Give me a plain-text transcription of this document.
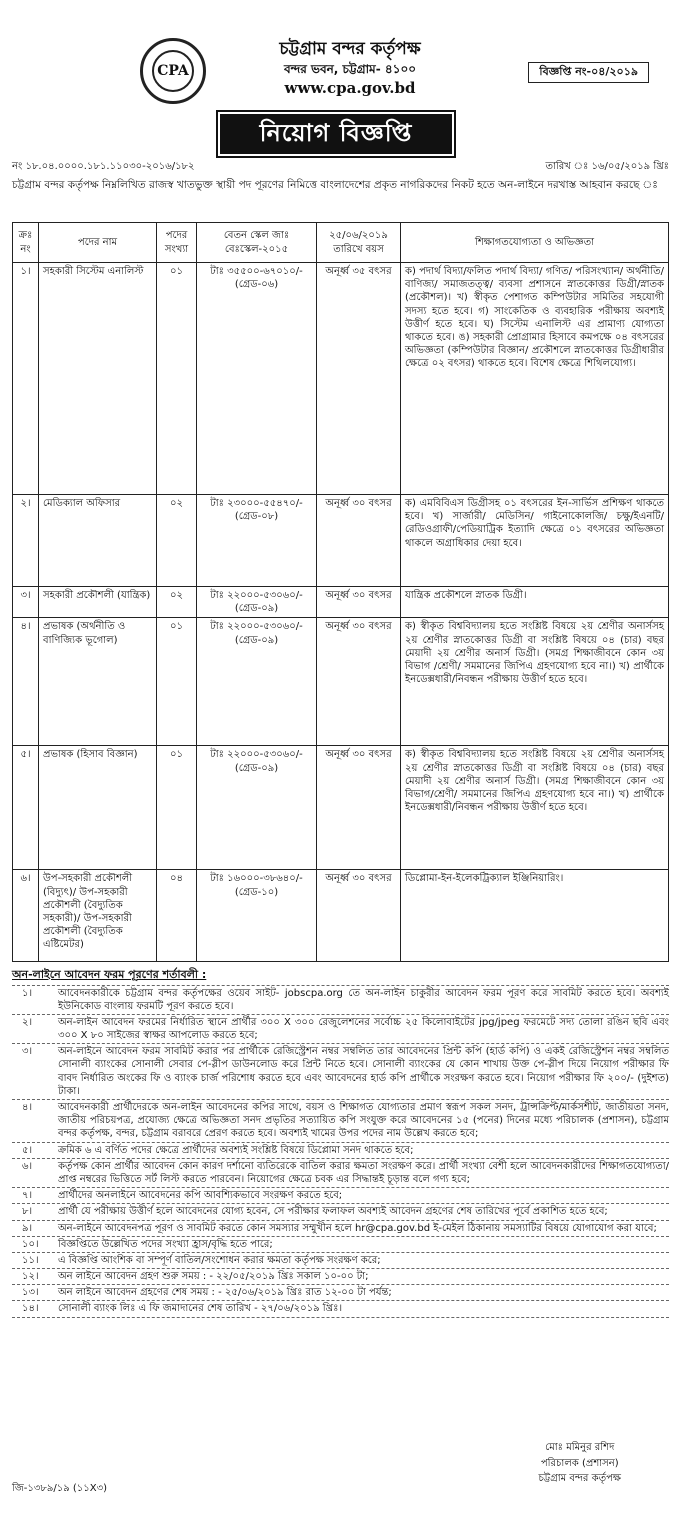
CPA
চট্টগ্রাম বন্দর কর্তৃপক্ষ
বন্দর ভবন, চট্টগ্রাম- ৪১০০
www.cpa.gov.bd
বিজ্ঞপ্তি নং-০৪/২০১৯
নিয়োগ বিজ্ঞপ্তি
নং ১৮.০৪.০০০০.১৮১.১১০৩০-২০১৬/১৮২	তারিখ ঃ ১৬/০৫/২০১৯ খ্রিঃ
চট্টগ্রাম বন্দর কর্তৃপক্ষ নিম্নলিখিত রাজস্ব খাতভুক্ত স্থায়ী পদ পূরণের নিমিত্তে বাংলাদেশের প্রকৃত নাগরিকদের নিকট হতে অন-লাইনে দরখাস্ত আহবান করছে ঃ
ক্রঃ নং	পদের নাম	পদের সংখ্যা	বেতন স্কেল জাঃ বেঃস্কেল-২০১৫	২৫/০৬/২০১৯ তারিখে বয়স	শিক্ষাগতযোগ্যতা ও অভিজ্ঞতা
১।	সহকারী সিস্টেম এনালিস্ট	০১	টাঃ ৩৫৫০০-৬৭০১০/- (গ্রেড-০৬)	অনূর্ধ্ব ৩৫ বৎসর	ক) পদার্থ বিদ্যা/ফলিত পদার্থ বিদ্যা/ গণিত/ পরিসংখ্যান/ অর্থনীতি/ বাণিজ্য/ সমাজতত্ত্ব/ ব্যবসা প্রশাসনে স্নাতকোত্তর ডিগ্রী/স্নাতক (প্রকৌশল)। খ) স্বীকৃত পেশাগত কম্পিউটার সমিতির সহযোগী সদস্য হতে হবে। গ) সাংকেতিক ও ব্যবহারিক পরীক্ষায় অবশ্যই উত্তীর্ণ হতে হবে। ঘ) সিস্টেম এনালিস্ট এর প্রামাণ্য যোগ্যতা থাকতে হবে। ঙ) সহকারী প্রোগ্রামার হিসাবে কমপক্ষে ০৪ বৎসরের অভিজ্ঞতা (কম্পিউটার বিজ্ঞান/ প্রকৌশলে স্নাতকোত্তর ডিগ্রীধারীর ক্ষেত্রে ০২ বৎসর) থাকতে হবে। বিশেষ ক্ষেত্রে শিথিলযোগ্য।
২।	মেডিক্যাল অফিসার	০২	টাঃ ২৩০০০-৫৫৪৭০/- (গ্রেড-০৮)	অনূর্ধ্ব ৩০ বৎসর	ক) এমবিবিএস ডিগ্রীসহ ০১ বৎসরের ইন-সার্ভিস প্রশিক্ষণ থাকতে হবে। খ) সার্জারী/ মেডিসিন/ গাইনোকোলজি/ চক্ষু/ইএনটি/ রেডিওগ্রাফী/পেডিয়াট্রিক ইত্যাদি ক্ষেত্রে ০১ বৎসরের অভিজ্ঞতা থাকলে অগ্রাধিকার দেয়া হবে।
৩।	সহকারী প্রকৌশলী (যান্ত্রিক)	০২	টাঃ ২২০০০-৫৩০৬০/- (গ্রেড-০৯)	অনূর্ধ্ব ৩০ বৎসর	যান্ত্রিক প্রকৌশলে স্নাতক ডিগ্রী।
৪।	প্রভাষক (অর্থনীতি ও বাণিজ্যিক ভূগোল)	০১	টাঃ ২২০০০-৫৩০৬০/- (গ্রেড-০৯)	অনূর্ধ্ব ৩০ বৎসর	ক) স্বীকৃত বিশ্ববিদ্যালয় হতে সংশ্লিষ্ট বিষয়ে ২য় শ্রেণীর অনার্সসহ ২য় শ্রেণীর স্নাতকোত্তর ডিগ্রী বা সংশ্লিষ্ট বিষয়ে ০৪ (চার) বছর মেয়াদী ২য় শ্রেণীর অনার্স ডিগ্রী। (সমগ্র শিক্ষাজীবনে কোন ৩য় বিভাগ /শ্রেণী/ সমমানের জিপিএ গ্রহণযোগ্য হবে না।) খ) প্রার্থীকে ইনডেক্সধারী/নিবন্ধন পরীক্ষায় উত্তীর্ণ হতে হবে।
৫।	প্রভাষক (হিসাব বিজ্ঞান)	০১	টাঃ ২২০০০-৫৩০৬০/- (গ্রেড-০৯)	অনূর্ধ্ব ৩০ বৎসর	ক) স্বীকৃত বিশ্ববিদ্যালয় হতে সংশ্লিষ্ট বিষয়ে ২য় শ্রেণীর অনার্সসহ ২য় শ্রেণীর স্নাতকোত্তর ডিগ্রী বা সংশ্লিষ্ট বিষয়ে ০৪ (চার) বছর মেয়াদী ২য় শ্রেণীর অনার্স ডিগ্রী। (সমগ্র শিক্ষাজীবনে কোন ৩য় বিভাগ/শ্রেণী/ সমমানের জিপিএ গ্রহণযোগ্য হবে না।) খ) প্রার্থীকে ইনডেক্সধারী/নিবন্ধন পরীক্ষায় উত্তীর্ণ হতে হবে।
৬।	উপ-সহকারী প্রকৌশলী (বিদ্যুৎ)/ উপ-সহকারী প্রকৌশলী (বৈদ্যুতিক সহকারী)/ উপ-সহকারী প্রকৌশলী (বৈদ্যুতিক এষ্টিমেটর)	০৪	টাঃ ১৬০০০-৩৮৬৪০/- (গ্রেড-১০)	অনূর্ধ্ব ৩০ বৎসর	ডিপ্লোমা-ইন-ইলেকট্রিক্যাল ইঞ্জিনিয়ারিং।
অন-লাইনে আবেদন ফরম পূরণের শর্তাবলী :
১।	আবেদনকারীকে চট্টগ্রাম বন্দর কর্তৃপক্ষের ওয়েব সাইট- jobscpa.org তে অন-লাইন চাকুরীর আবেদন ফরম পূরণ করে সাবমিট করতে হবে। অবশ্যই ইউনিকোড বাংলায় ফরমটি পূরণ করতে হবে।
২।	অন-লাইন আবেদন ফরমের নির্ধারিত স্থানে প্রার্থীর ৩০০ X ৩০০ রেজুলেশনের সর্বোচ্চ ২৫ কিলোবাইটের jpg/jpeg ফরমেটে সদ্য তোলা রঙিন ছবি এবং ৩০০ X ৮০ সাইজের স্বাক্ষর আপলোড করতে হবে;
৩।	অন-লাইনে আবেদন ফরম সাবমিট করার পর প্রার্থীকে রেজিস্ট্রেশন নম্বর সম্বলিত তার আবেদনের প্রিন্ট কপি (হার্ড কপি) ও একই রেজিস্ট্রেশন নম্বর সম্বলিত সোনালী ব্যাংকের সোনালী সেবার পে-স্লীপ ডাউনলোড করে প্রিন্ট নিতে হবে। সোনালী ব্যাংকের যে কোন শাখায় উক্ত পে-স্লীপ দিয়ে নিয়োগ পরীক্ষার ফি বাবদ নির্ধারিত অংকের ফি ও ব্যাংক চার্জ পরিশোধ করতে হবে এবং আবেদনের হার্ড কপি প্রার্থীকে সংরক্ষণ করতে হবে। নিয়োগ পরীক্ষার ফি ২০০/- (দুইশত) টাকা।
৪।	আবেদনকারী প্রার্থীদেরকে অন-লাইন আবেদনের কপির সাথে, বয়স ও শিক্ষাগত যোগ্যতার প্রমাণ স্বরূপ সকল সনদ, ট্রান্সক্রিপ্ট/মার্কসশীট, জাতীয়তা সনদ, জাতীয় পরিচয়পত্র, প্রযোজ্য ক্ষেত্রে অভিজ্ঞতা সনদ প্রভৃতির সত্যায়িত কপি সংযুক্ত করে আবেদনের ১৫ (পনের) দিনের মধ্যে পরিচালক (প্রশাসন), চট্টগ্রাম বন্দর কর্তৃপক্ষ, বন্দর, চট্টগ্রাম বরাবরে প্রেরণ করতে হবে। অবশ্যই খামের উপর পদের নাম উল্লেখ করতে হবে;
৫।	ক্রমিক ৬ এ বর্ণিত পদের ক্ষেত্রে প্রার্থীদের অবশ্যই সংশ্লিষ্ট বিষয়ে ডিপ্লোমা সনদ থাকতে হবে;
৬।	কর্তৃপক্ষ কোন প্রার্থীর আবেদন কোন কারণ দর্শানো ব্যতিরেকে বাতিল করার ক্ষমতা সংরক্ষণ করে। প্রার্থী সংখ্যা বেশী হলে আবেদনকারীদের শিক্ষাগতযোগ্যতা/প্রাপ্ত নম্বরের ভিত্তিতে সর্ট লিস্ট করতে পারবেন। নিয়োগের ক্ষেত্রে চবক এর সিদ্ধান্তই চূড়ান্ত বলে গণ্য হবে;
৭।	প্রার্থীদের অনলাইনে আবেদনের কপি আবশ্যিকভাবে সংরক্ষণ করতে হবে;
৮।	প্রার্থী যে পরীক্ষায় উত্তীর্ণ হলে আবেদনের যোগ্য হবেন, সে পরীক্ষার ফলাফল অবশ্যই আবেদন গ্রহণের শেষ তারিখের পূর্বে প্রকাশিত হতে হবে;
৯।	অন-লাইনে আবেদনপত্র পূরণ ও সাবমিট করতে কোন সমস্যার সম্মুখীন হলে hr@cpa.gov.bd ই-মেইল ঠিকানায় সমস্যাটির বিষয়ে যোগাযোগ করা যাবে;
১০।	বিজ্ঞপ্তিতে উল্লেখিত পদের সংখ্যা হ্রাস/বৃদ্ধি হতে পারে;
১১।	এ বিজ্ঞপ্তি আংশিক বা সম্পূর্ণ বাতিল/সংশোধন করার ক্ষমতা কর্তৃপক্ষ সংরক্ষণ করে;
১২।	অন লাইনে আবেদন গ্রহণ শুরু সময় : - ২২/০৫/২০১৯ খ্রিঃ সকাল ১০-০০ টা;
১৩।	অন লাইনে আবেদন গ্রহণের শেষ সময় : - ২৫/০৬/২০১৯ খ্রিঃ রাত ১২-০০ টা পর্যন্ত;
১৪।	সোনালী ব্যাংক লিঃ এ ফি জমাদানের শেষ তারিখ - ২৭/০৬/২০১৯ খ্রিঃ।
মোঃ মমিনুর রশিদ
পরিচালক (প্রশাসন)
চট্টগ্রাম বন্দর কর্তৃপক্ষ
জি-১৩৮৯/১৯ (১১X৩)
